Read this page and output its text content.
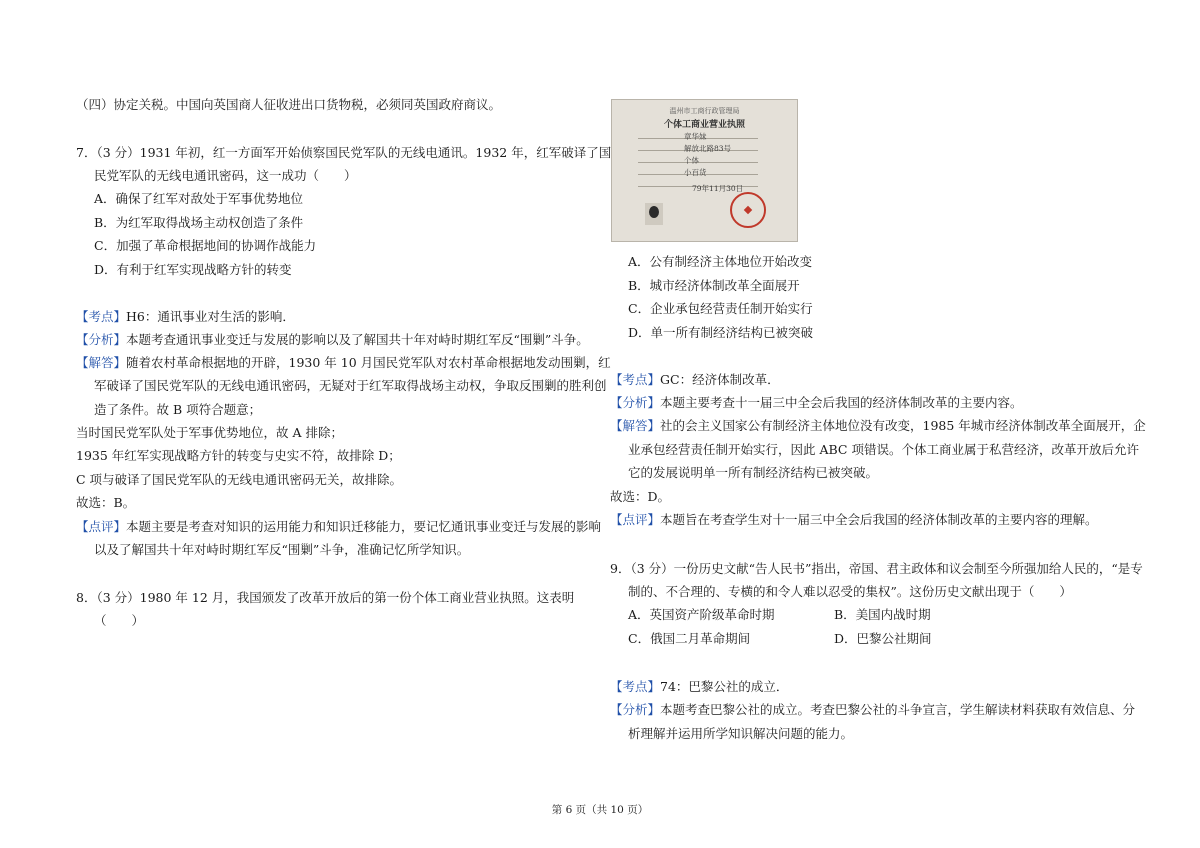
（四）协定关税。中国向英国商人征收进出口货物税，必须同英国政府商议。
7．（3 分）1931 年初，红一方面军开始侦察国民党军队的无线电通讯。1932 年，红军破译了国
民党军队的无线电通讯密码，这一成功（　　）
A．确保了红军对敌处于军事优势地位
B．为红军取得战场主动权创造了条件
C．加强了革命根据地间的协调作战能力
D．有利于红军实现战略方针的转变
【考点】H6：通讯事业对生活的影响．
【分析】本题考查通讯事业变迁与发展的影响以及了解国共十年对峙时期红军反“围剿”斗争。
【解答】随着农村革命根据地的开辟，1930 年 10 月国民党军队对农村革命根据地发动围剿，红
军破译了国民党军队的无线电通讯密码，无疑对于红军取得战场主动权，争取反围剿的胜利创
造了条件。故 B 项符合题意；
当时国民党军队处于军事优势地位，故 A 排除；
1935 年红军实现战略方针的转变与史实不符，故排除 D；
C 项与破译了国民党军队的无线电通讯密码无关，故排除。
故选：B。
【点评】本题主要是考查对知识的运用能力和知识迁移能力，要记忆通讯事业变迁与发展的影响
以及了解国共十年对峙时期红军反“围剿”斗争，准确记忆所学知识。
8．（3 分）1980 年 12 月，我国颁发了改革开放后的第一份个体工商业营业执照。这表明
（　　）
温州市工商行政管理局
个体工商业营业执照
章华妹
解放北路83号
个体
小百货
79年11月30日
A．公有制经济主体地位开始改变
B．城市经济体制改革全面展开
C．企业承包经营责任制开始实行
D．单一所有制经济结构已被突破
【考点】GC：经济体制改革．
【分析】本题主要考查十一届三中全会后我国的经济体制改革的主要内容。
【解答】社的会主义国家公有制经济主体地位没有改变，1985 年城市经济体制改革全面展开，企
业承包经营责任制开始实行，因此 ABC 项错误。个体工商业属于私营经济，改革开放后允许
它的发展说明单一所有制经济结构已被突破。
故选：D。
【点评】本题旨在考查学生对十一届三中全会后我国的经济体制改革的主要内容的理解。
9．（3 分）一份历史文献“告人民书”指出，帝国、君主政体和议会制至今所强加给人民的，“是专
制的、不合理的、专横的和令人难以忍受的集权”。这份历史文献出现于（　　）
A．英国资产阶级革命时期	B．美国内战时期
C．俄国二月革命期间	D．巴黎公社期间
【考点】74：巴黎公社的成立．
【分析】本题考查巴黎公社的成立。考查巴黎公社的斗争宣言，学生解读材料获取有效信息、分
析理解并运用所学知识解决问题的能力。
第 6 页（共 10 页）
